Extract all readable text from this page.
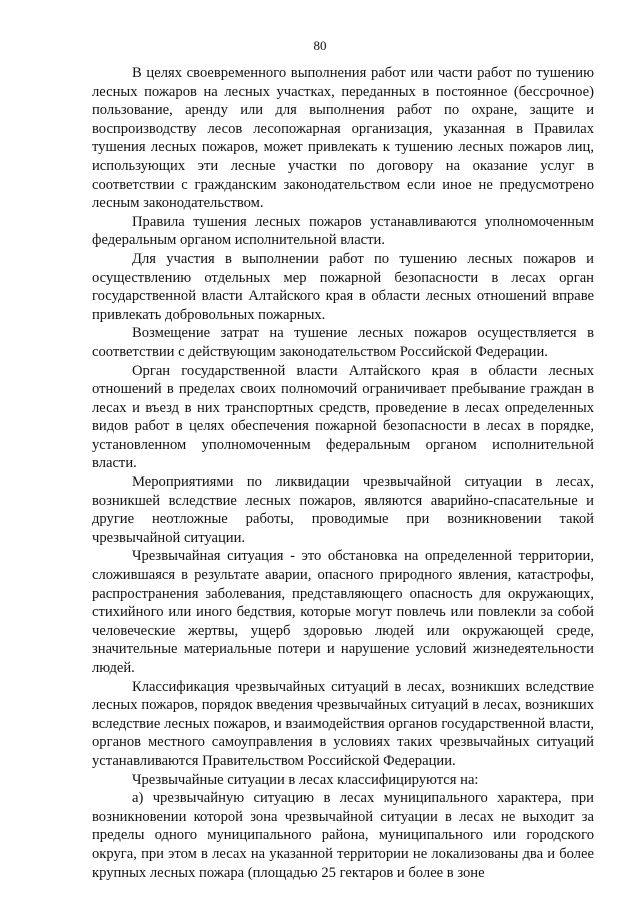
80

В целях своевременного выполнения работ или части работ по тушению лесных пожаров на лесных участках, переданных в постоянное (бессрочное) пользование, аренду или для выполнения работ по охране, защите и воспроизводству лесов лесопожарная организация, указанная в Правилах тушения лесных пожаров, может привлекать к тушению лесных пожаров лиц, использующих эти лесные участки по договору на оказание услуг в соответствии с гражданским законодательством если иное не предусмотрено лесным законодательством.

Правила тушения лесных пожаров устанавливаются уполномоченным федеральным органом исполнительной власти.

Для участия в выполнении работ по тушению лесных пожаров и осуществлению отдельных мер пожарной безопасности в лесах орган государственной власти Алтайского края в области лесных отношений вправе привлекать добровольных пожарных.

Возмещение затрат на тушение лесных пожаров осуществляется в соответствии с действующим законодательством Российской Федерации.

Орган государственной власти Алтайского края в области лесных отношений в пределах своих полномочий ограничивает пребывание граждан в лесах и въезд в них транспортных средств, проведение в лесах определенных видов работ в целях обеспечения пожарной безопасности в лесах в порядке, установленном уполномоченным федеральным органом исполнительной власти.

Мероприятиями по ликвидации чрезвычайной ситуации в лесах, возникшей вследствие лесных пожаров, являются аварийно-спасательные и другие неотложные работы, проводимые при возникновении такой чрезвычайной ситуации.

Чрезвычайная ситуация - это обстановка на определенной территории, сложившаяся в результате аварии, опасного природного явления, катастрофы, распространения заболевания, представляющего опасность для окружающих, стихийного или иного бедствия, которые могут повлечь или повлекли за собой человеческие жертвы, ущерб здоровью людей или окружающей среде, значительные материальные потери и нарушение условий жизнедеятельности людей.

Классификация чрезвычайных ситуаций в лесах, возникших вследствие лесных пожаров, порядок введения чрезвычайных ситуаций в лесах, возникших вследствие лесных пожаров, и взаимодействия органов государственной власти, органов местного самоуправления в условиях таких чрезвычайных ситуаций устанавливаются Правительством Российской Федерации.

Чрезвычайные ситуации в лесах классифицируются на:

а) чрезвычайную ситуацию в лесах муниципального характера, при возникновении которой зона чрезвычайной ситуации в лесах не выходит за пределы одного муниципального района, муниципального или городского округа, при этом в лесах на указанной территории не локализованы два и более крупных лесных пожара (площадью 25 гектаров и более в зоне
